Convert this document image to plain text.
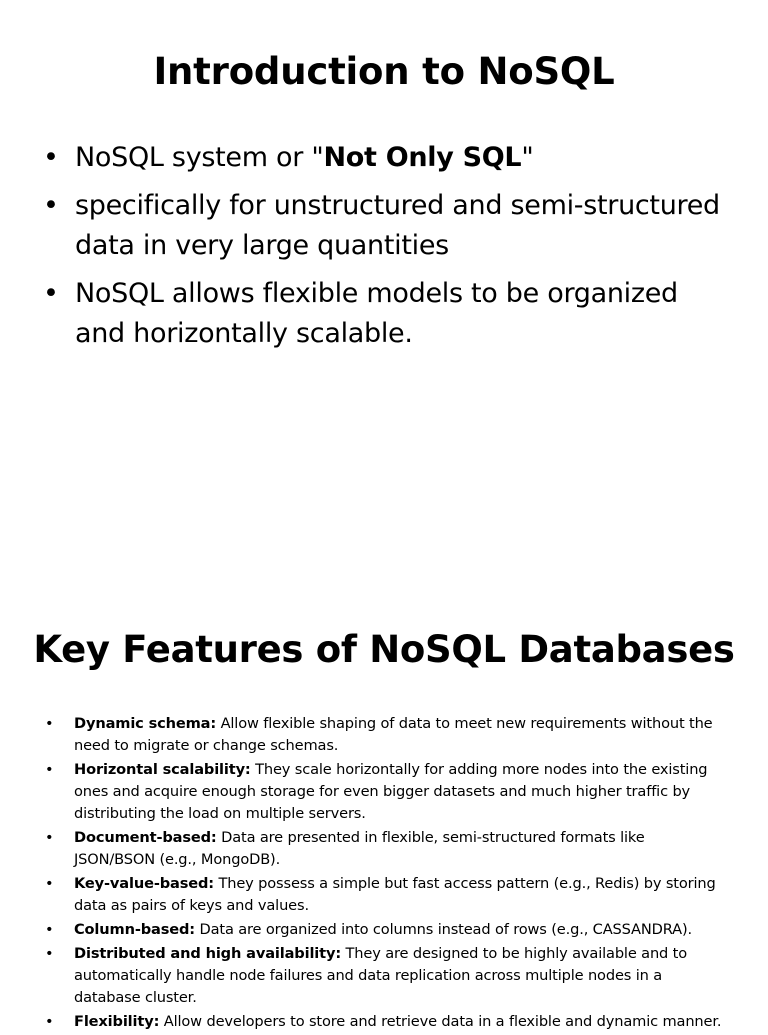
Introduction to NoSQL
• NoSQL system or "Not Only SQL"
• specifically for unstructured and semi-structured data in very large quantities
• NoSQL allows flexible models to be organized and horizontally scalable.
Key Features of NoSQL Databases
• Dynamic schema: Allow flexible shaping of data to meet new requirements without the need to migrate or change schemas.
• Horizontal scalability: They scale horizontally for adding more nodes into the existing ones and acquire enough storage for even bigger datasets and much higher traffic by distributing the load on multiple servers.
• Document-based: Data are presented in flexible, semi-structured formats like JSON/BSON (e.g., MongoDB).
• Key-value-based: They possess a simple but fast access pattern (e.g., Redis) by storing data as pairs of keys and values.
• Column-based: Data are organized into columns instead of rows (e.g., CASSANDRA).
• Distributed and high availability: They are designed to be highly available and to automatically handle node failures and data replication across multiple nodes in a database cluster.
• Flexibility: Allow developers to store and retrieve data in a flexible and dynamic manner.
